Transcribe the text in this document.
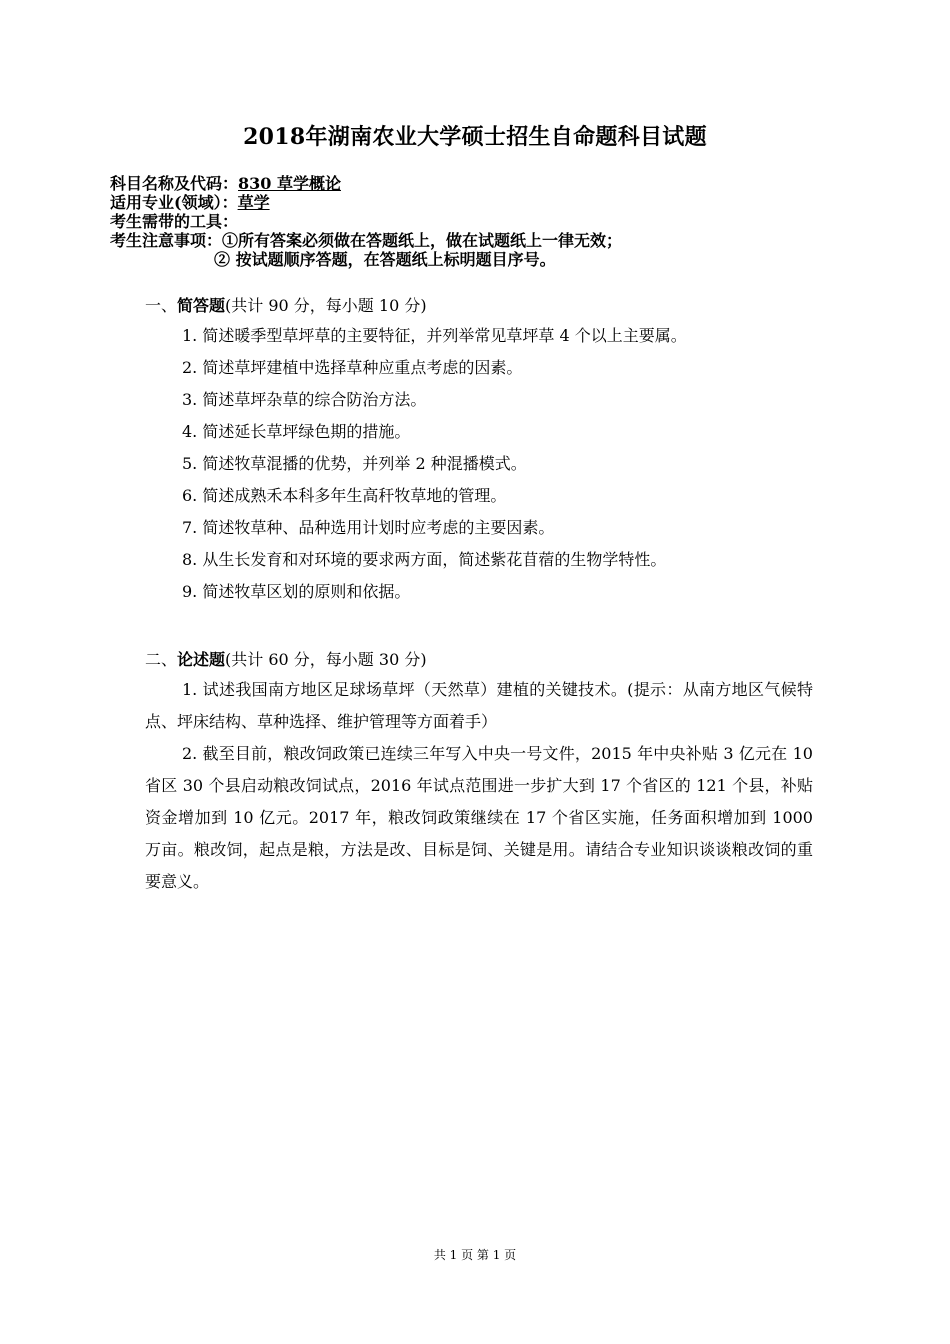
2018年湖南农业大学硕士招生自命题科目试题
科目名称及代码：830 草学概论
适用专业(领域）：草学
考生需带的工具：
考生注意事项：①所有答案必须做在答题纸上，做在试题纸上一律无效；
② 按试题顺序答题，在答题纸上标明题目序号。
一、简答题(共计 90 分，每小题 10 分)
1. 简述暖季型草坪草的主要特征，并列举常见草坪草 4 个以上主要属。
2. 简述草坪建植中选择草种应重点考虑的因素。
3. 简述草坪杂草的综合防治方法。
4. 简述延长草坪绿色期的措施。
5. 简述牧草混播的优势，并列举 2 种混播模式。
6. 简述成熟禾本科多年生高秆牧草地的管理。
7. 简述牧草种、品种选用计划时应考虑的主要因素。
8. 从生长发育和对环境的要求两方面，简述紫花苜蓿的生物学特性。
9. 简述牧草区划的原则和依据。
二、论述题(共计 60 分，每小题 30 分)
1. 试述我国南方地区足球场草坪（天然草）建植的关键技术。(提示：从南方地区气候特点、坪床结构、草种选择、维护管理等方面着手）
2. 截至目前，粮改饲政策已连续三年写入中央一号文件，2015 年中央补贴 3 亿元在 10 省区 30 个县启动粮改饲试点，2016 年试点范围进一步扩大到 17 个省区的 121 个县，补贴资金增加到 10 亿元。2017 年，粮改饲政策继续在 17 个省区实施，任务面积增加到 1000 万亩。粮改饲，起点是粮，方法是改、目标是饲、关键是用。请结合专业知识谈谈粮改饲的重要意义。
共 1 页 第 1 页
